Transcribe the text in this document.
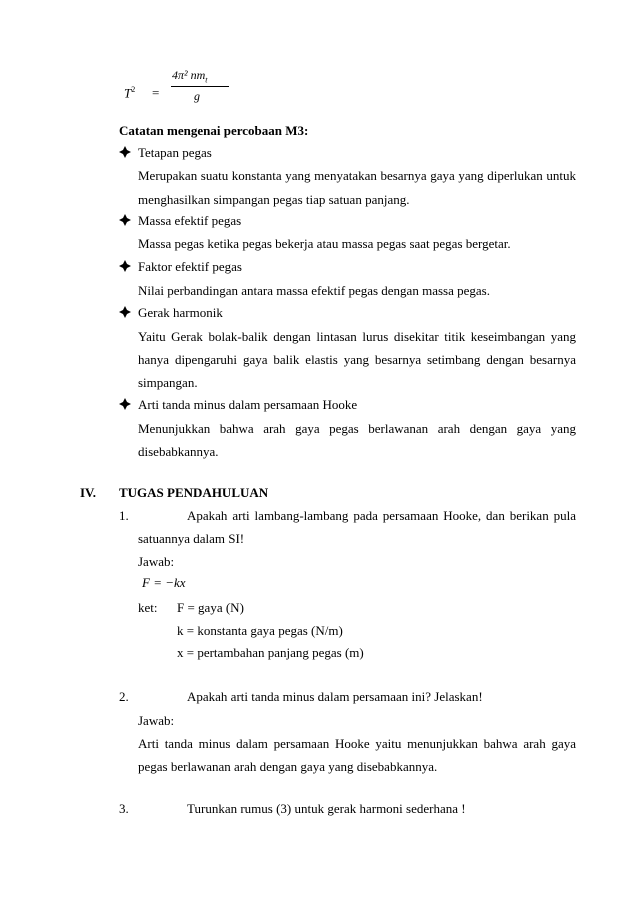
$T^2$ =
4π² $nm_t$
g
Catatan mengenai percobaan M3:
Tetapan pegas
Merupakan suatu konstanta yang menyatakan besarnya gaya yang diperlukan untuk
menghasilkan simpangan pegas tiap satuan panjang.
Massa efektif pegas
Massa pegas ketika pegas bekerja atau massa pegas saat pegas bergetar.
Faktor efektif pegas
Nilai perbandingan antara massa efektif pegas dengan massa pegas.
Gerak harmonik
Yaitu Gerak bolak-balik dengan lintasan lurus disekitar titik keseimbangan yang
hanya dipengaruhi gaya balik elastis yang besarnya setimbang dengan besarnya
simpangan.
Arti tanda minus dalam persamaan Hooke
Menunjukkan bahwa arah gaya pegas berlawanan arah dengan gaya yang
disebabkannya.
IV. TUGAS PENDAHULUAN
1.	Apakah arti lambang-lambang pada persamaan Hooke, dan berikan pula
satuannya dalam SI!
Jawab:
F = −kx
ket: F = gaya (N)
k = konstanta gaya pegas (N/m)
x = pertambahan panjang pegas (m)
2.	Apakah arti tanda minus dalam persamaan ini? Jelaskan!
Jawab:
Arti tanda minus dalam persamaan Hooke yaitu menunjukkan bahwa arah gaya
pegas berlawanan arah dengan gaya yang disebabkannya.
3.	Turunkan rumus (3) untuk gerak harmoni sederhana !
